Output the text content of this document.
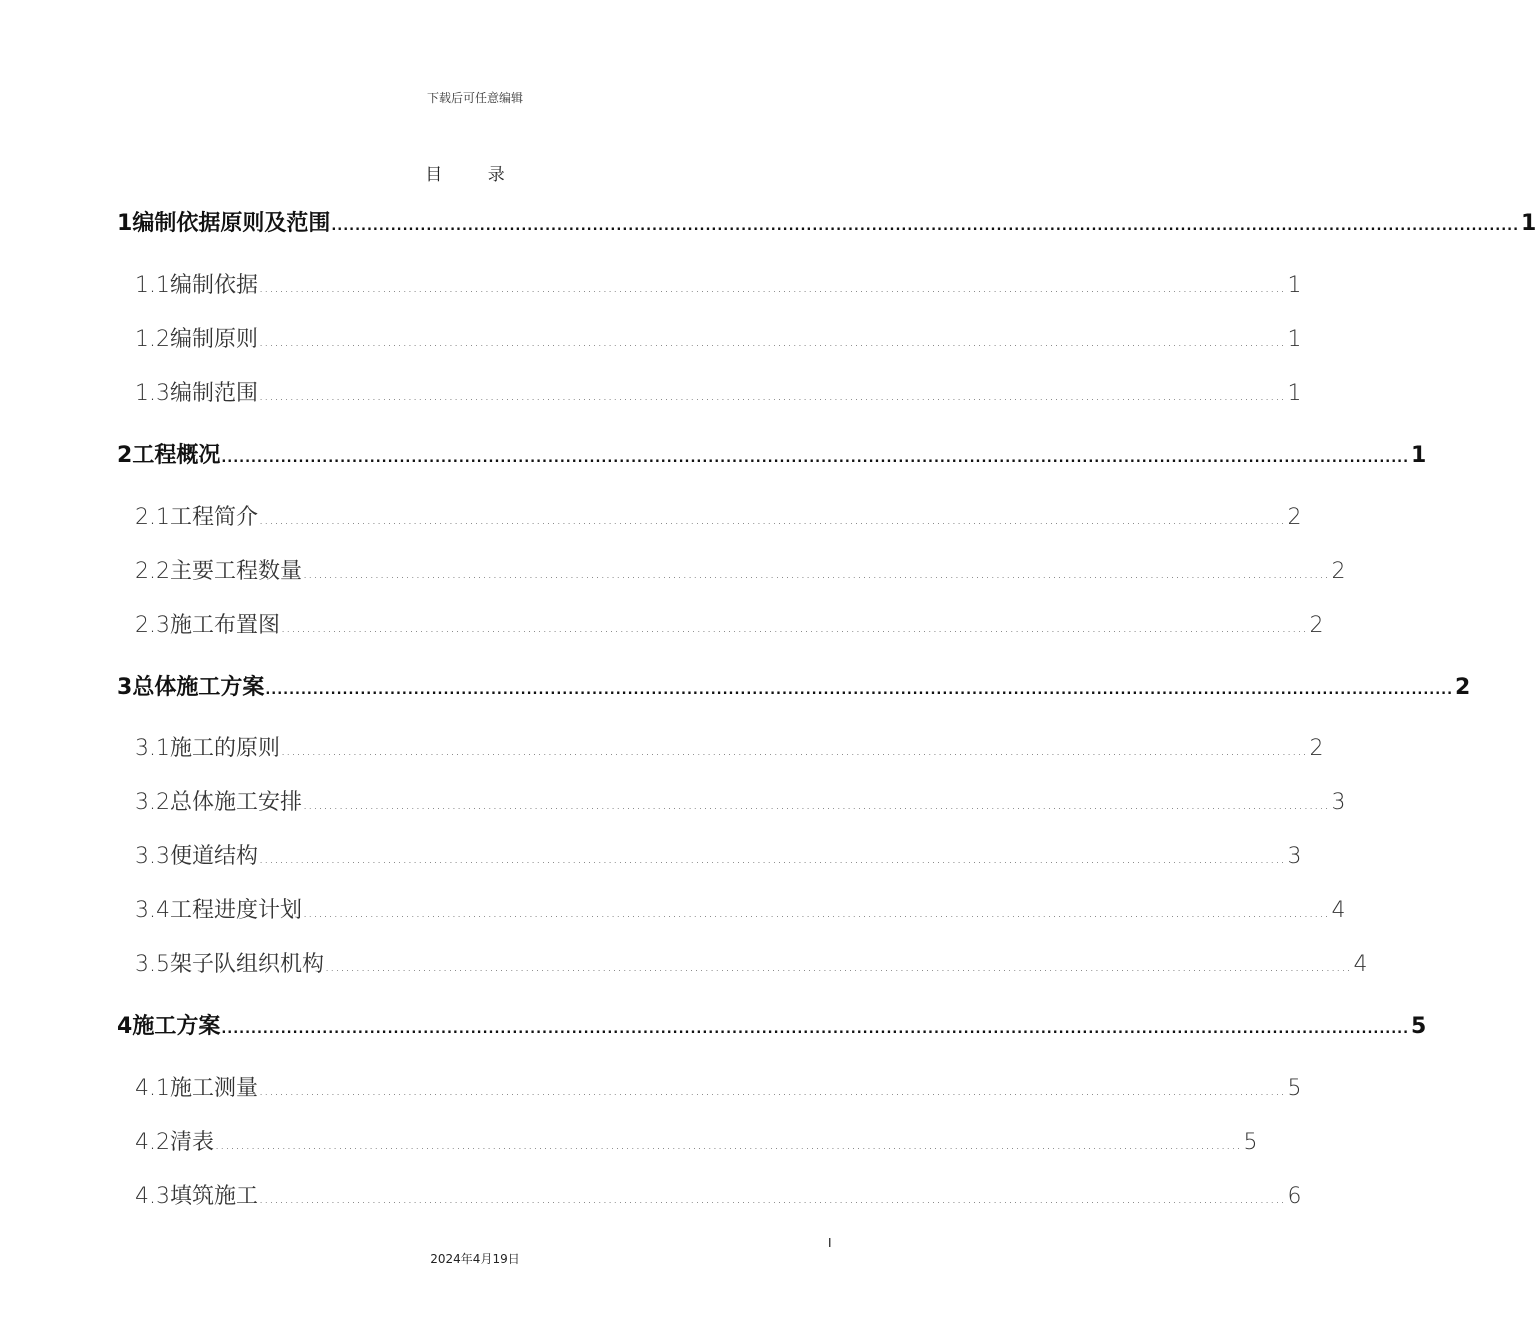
下载后可任意编辑
目 录
1 编制依据原则及范围 ........................................................................................................................................................................................................ 1
1.1 编制依据 ........................................................................................................................................................................................................ 1
1.2 编制原则 ........................................................................................................................................................................................................ 1
1.3 编制范围 ........................................................................................................................................................................................................ 1
2 工程概况 ........................................................................................................................................................................................................ 1
2.1 工程简介 ........................................................................................................................................................................................................ 2
2.2 主要工程数量 ........................................................................................................................................................................................................ 2
2.3 施工布置图 ........................................................................................................................................................................................................ 2
3 总体施工方案 ........................................................................................................................................................................................................ 2
3.1 施工的原则 ........................................................................................................................................................................................................ 2
3.2 总体施工安排 ........................................................................................................................................................................................................ 3
3.3 便道结构 ........................................................................................................................................................................................................ 3
3.4 工程进度计划 ........................................................................................................................................................................................................ 4
3.5 架子队组织机构 ........................................................................................................................................................................................................ 4
4 施工方案 ........................................................................................................................................................................................................ 5
4.1 施工测量 ........................................................................................................................................................................................................ 5
4.2 清表 ........................................................................................................................................................................................................ 5
4.3 填筑施工 ........................................................................................................................................................................................................ 6
I
2024年4月19日
